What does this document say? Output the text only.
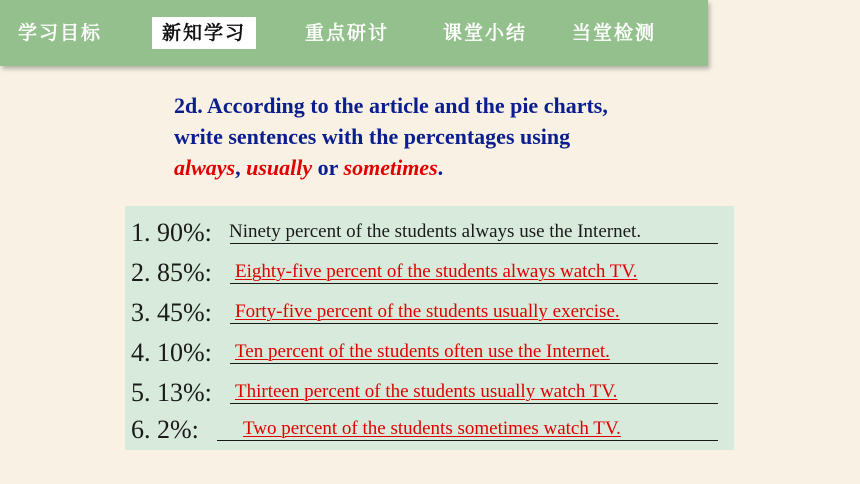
学习目标	新知学习	重点研讨	课堂小结 当堂检测
2d. According to the article and the pie charts,
write sentences with the percentages using
always, usually or sometimes.
1. 90%: Ninety percent of the students always use the Internet.
2. 85%: Eighty-five percent of the students always watch TV.
3. 45%: Forty-five percent of the students usually exercise.
4. 10%: Ten percent of the students often use the Internet.
5. 13%: Thirteen percent of the students usually watch TV.
6. 2%: Two percent of the students sometimes watch TV.
